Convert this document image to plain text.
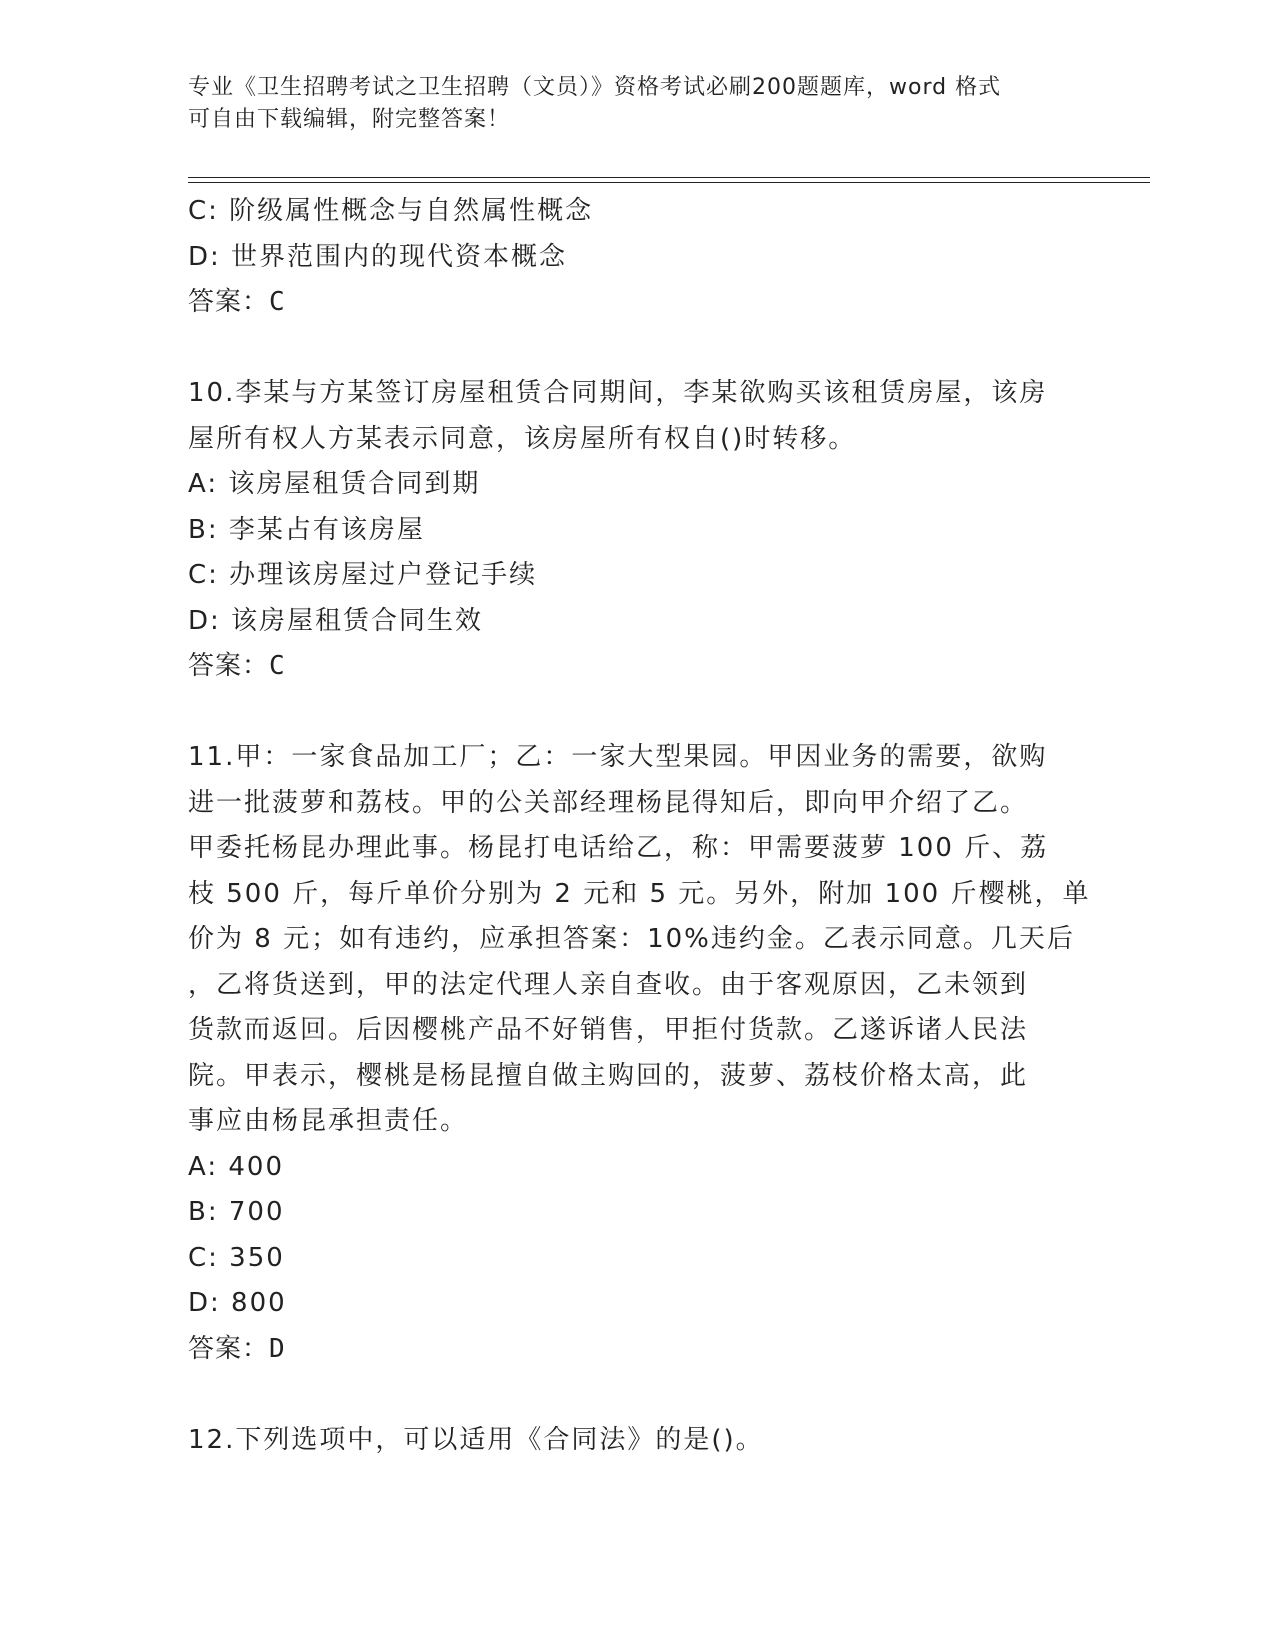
专业《卫生招聘考试之卫生招聘（文员）》资格考试必刷200题题库，word 格式
可自由下载编辑，附完整答案！
C: 阶级属性概念与自然属性概念
D: 世界范围内的现代资本概念
答案：C
10.李某与方某签订房屋租赁合同期间，李某欲购买该租赁房屋，该房
屋所有权人方某表示同意，该房屋所有权自()时转移。
A: 该房屋租赁合同到期
B: 李某占有该房屋
C: 办理该房屋过户登记手续
D: 该房屋租赁合同生效
答案：C
11.甲：一家食品加工厂；乙：一家大型果园。甲因业务的需要，欲购
进一批菠萝和荔枝。甲的公关部经理杨昆得知后，即向甲介绍了乙。
甲委托杨昆办理此事。杨昆打电话给乙，称：甲需要菠萝 100 斤、荔
枝 500 斤，每斤单价分别为 2 元和 5 元。另外，附加 100 斤樱桃，单
价为 8 元；如有违约，应承担答案：10%违约金。乙表示同意。几天后
，乙将货送到，甲的法定代理人亲自查收。由于客观原因，乙未领到
货款而返回。后因樱桃产品不好销售，甲拒付货款。乙遂诉诸人民法
院。甲表示，樱桃是杨昆擅自做主购回的，菠萝、荔枝价格太高，此
事应由杨昆承担责任。
A: 400
B: 700
C: 350
D: 800
答案：D
12.下列选项中，可以适用《合同法》的是()。
